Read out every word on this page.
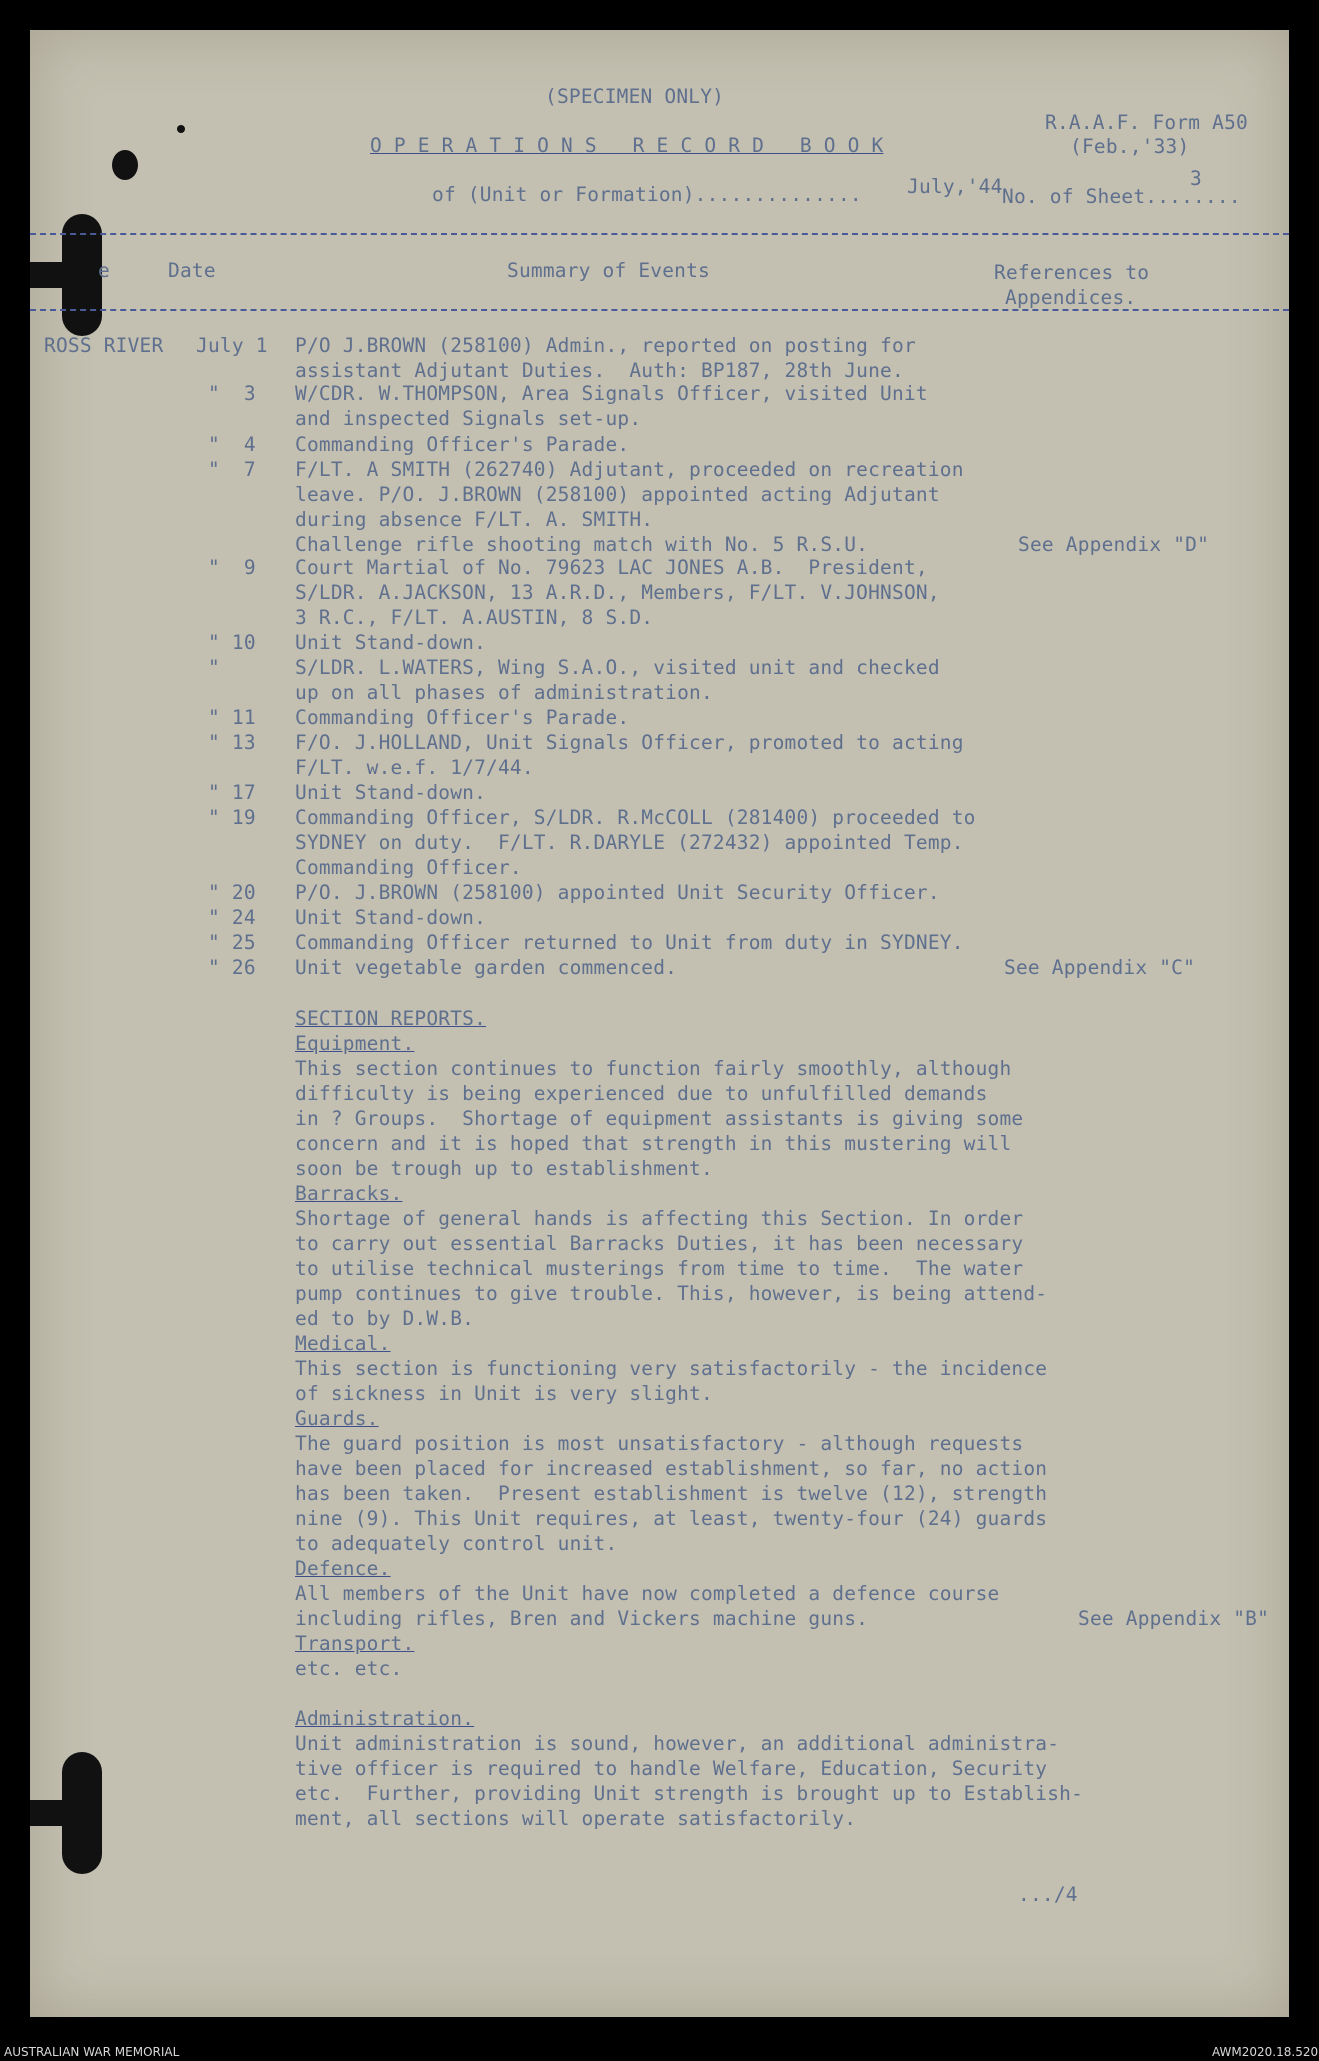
(SPECIMEN ONLY)
R.A.A.F. Form A50
(Feb.,'33)
O P E R A T I O N S   R E C O R D   B O O K
of (Unit or Formation).............. July,'44 No. of Sheet........
3
e	Date	Summary of Events	References to
Appendices.
ROSS RIVER July 1 P/O J.BROWN (258100) Admin., reported on posting for
assistant Adjutant Duties.  Auth: BP187, 28th June.
"  3 W/CDR. W.THOMPSON, Area Signals Officer, visited Unit
and inspected Signals set-up.
"  4 Commanding Officer's Parade.
"  7 F/LT. A SMITH (262740) Adjutant, proceeded on recreation
leave. P/O. J.BROWN (258100) appointed acting Adjutant
during absence F/LT. A. SMITH.
Challenge rifle shooting match with No. 5 R.S.U.	See Appendix "D"
"  9 Court Martial of No. 79623 LAC JONES A.B.  President,
S/LDR. A.JACKSON, 13 A.R.D., Members, F/LT. V.JOHNSON,
3 R.C., F/LT. A.AUSTIN, 8 S.D.
" 10 Unit Stand-down.
"	S/LDR. L.WATERS, Wing S.A.O., visited unit and checked
up on all phases of administration.
" 11 Commanding Officer's Parade.
" 13 F/O. J.HOLLAND, Unit Signals Officer, promoted to acting
F/LT. w.e.f. 1/7/44.
" 17 Unit Stand-down.
" 19 Commanding Officer, S/LDR. R.McCOLL (281400) proceeded to
SYDNEY on duty.  F/LT. R.DARYLE (272432) appointed Temp.
Commanding Officer.
" 20 P/O. J.BROWN (258100) appointed Unit Security Officer.
" 24 Unit Stand-down.
" 25 Commanding Officer returned to Unit from duty in SYDNEY.
" 26 Unit vegetable garden commenced.	See Appendix "C"
SECTION REPORTS.
Equipment.
This section continues to function fairly smoothly, although
difficulty is being experienced due to unfulfilled demands
in ? Groups.  Shortage of equipment assistants is giving some
concern and it is hoped that strength in this mustering will
soon be trough up to establishment.
Barracks.
Shortage of general hands is affecting this Section. In order
to carry out essential Barracks Duties, it has been necessary
to utilise technical musterings from time to time.  The water
pump continues to give trouble. This, however, is being attend-
ed to by D.W.B.
Medical.
This section is functioning very satisfactorily - the incidence
of sickness in Unit is very slight.
Guards.
The guard position is most unsatisfactory - although requests
have been placed for increased establishment, so far, no action
has been taken.  Present establishment is twelve (12), strength
nine (9). This Unit requires, at least, twenty-four (24) guards
to adequately control unit.
Defence.
All members of the Unit have now completed a defence course
including rifles, Bren and Vickers machine guns.	See Appendix "B"
Transport.
etc. etc.
Administration.
Unit administration is sound, however, an additional administra-
tive officer is required to handle Welfare, Education, Security
etc.  Further, providing Unit strength is brought up to Establish-
ment, all sections will operate satisfactorily.
.../4
AUSTRALIAN WAR MEMORIAL	AWM2020.18.520
